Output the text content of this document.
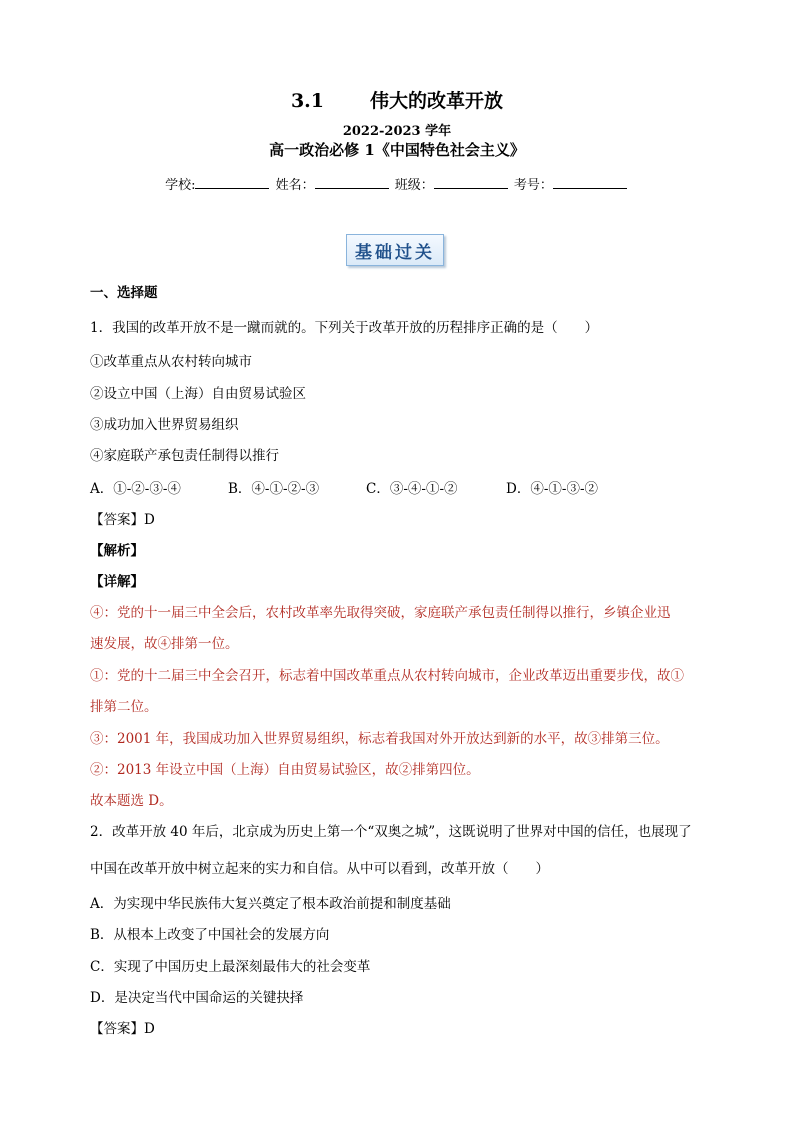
3.1 伟大的改革开放
2022-2023 学年
高一政治必修 1《中国特色社会主义》
学校:	姓名：	班级：	考号：
基础过关
一、选择题
1．我国的改革开放不是一蹴而就的。下列关于改革开放的历程排序正确的是（　　）
①改革重点从农村转向城市
②设立中国（上海）自由贸易试验区
③成功加入世界贸易组织
④家庭联产承包责任制得以推行
A．①-②-③-④	B．④-①-②-③	C．③-④-①-②	D．④-①-③-②
【答案】D
【解析】
【详解】
④：党的十一届三中全会后，农村改革率先取得突破，家庭联产承包责任制得以推行，乡镇企业迅
速发展，故④排第一位。
①：党的十二届三中全会召开，标志着中国改革重点从农村转向城市，企业改革迈出重要步伐，故①
排第二位。
③：2001 年，我国成功加入世界贸易组织，标志着我国对外开放达到新的水平，故③排第三位。
②：2013 年设立中国（上海）自由贸易试验区，故②排第四位。
故本题选 D。
2．改革开放 40 年后，北京成为历史上第一个“双奥之城”，这既说明了世界对中国的信任，也展现了
中国在改革开放中树立起来的实力和自信。从中可以看到，改革开放（　　）
A．为实现中华民族伟大复兴奠定了根本政治前提和制度基础
B．从根本上改变了中国社会的发展方向
C．实现了中国历史上最深刻最伟大的社会变革
D．是决定当代中国命运的关键抉择
【答案】D
